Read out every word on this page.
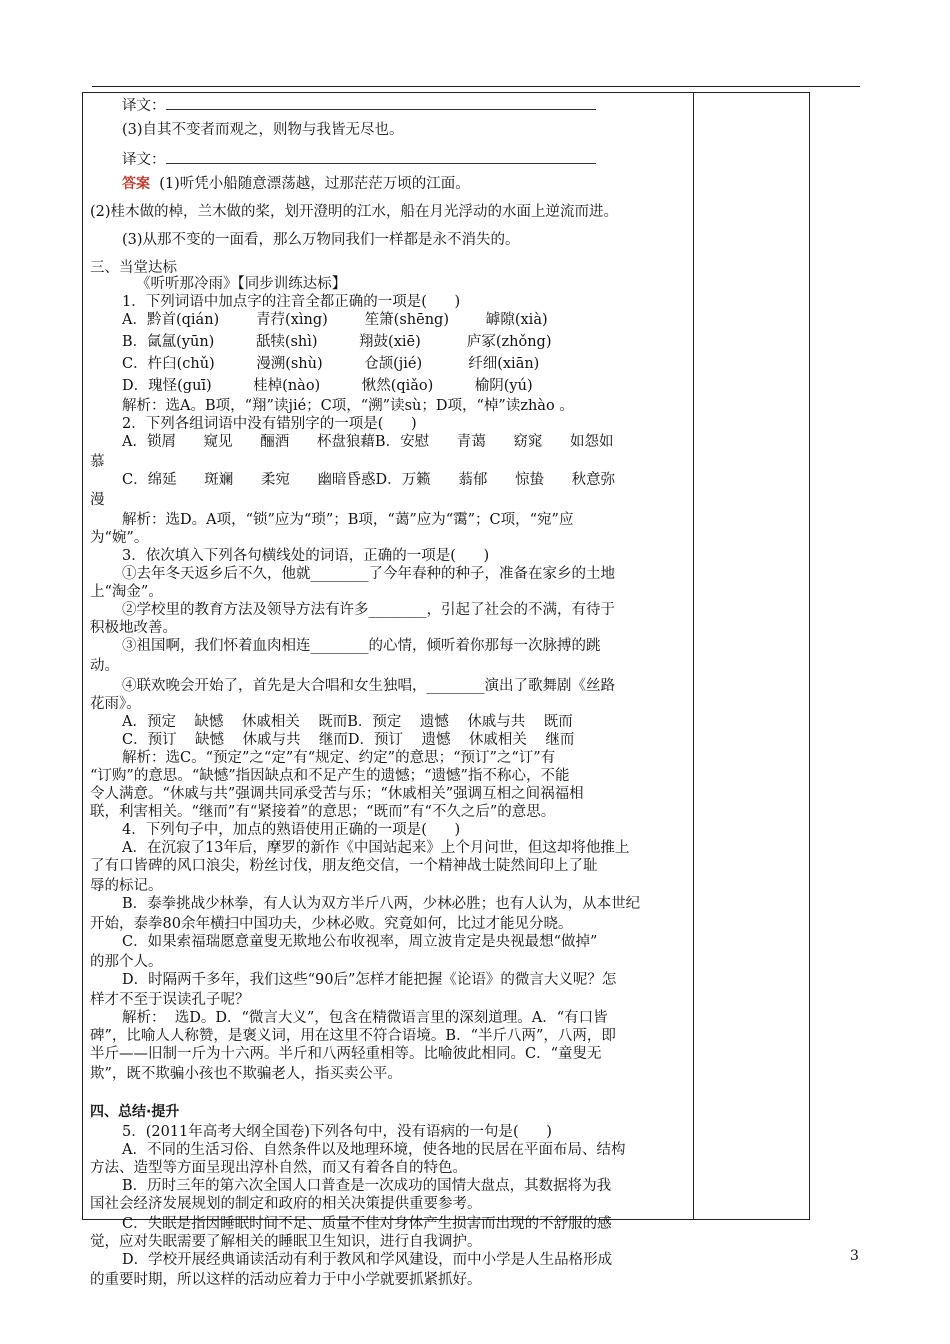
译文：
(3)自其不变者而观之，则物与我皆无尽也。
译文：
答案  (1)听凭小船随意漂荡越，过那茫茫万顷的江面。
(2)桂木做的棹，兰木做的桨，划开澄明的江水，船在月光浮动的水面上逆流而进。
(3)从那不变的一面看，那么万物同我们一样都是永不消失的。
三、当堂达标
《听听那冷雨》【同步训练达标】
1．下列词语中加点字的注音全都正确的一项是(      )
A．黔首(qián)        青荇(xìng)        笙箫(shēng)        罅隙(xià)
B．氤氲(yūn)         舐犊(shì)         翔鼓(xiē)          庐冢(zhǒng)
C．杵臼(chǔ)         漫溯(shù)         仓颉(jié)          纤细(xiān)
D．瑰怪(guī)         桂棹(nào)         愀然(qiǎo)         榆阴(yú)
解析：选A。B项，“翔”读jié；C项，“溯”读sù；D项，“棹”读zhào 。
2．下列各组词语中没有错别字的一项是(      )
A．锁屑      窥见      酾酒      杯盘狼藉B．安慰      青蔼      窈窕      如怨如
慕
C．绵延      斑斓      柔宛      幽暗昏惑D．万籁      蓊郁      惊蛰      秋意弥
漫
解析：选D。A项，“锁”应为“琐”；B项，“蔼”应为“霭”；C项，“宛”应
为“婉”。
3．依次填入下列各句横线处的词语，正确的一项是(      )
①去年冬天返乡后不久，他就________了今年春种的种子，准备在家乡的土地
上“淘金”。
②学校里的教育方法及领导方法有许多________，引起了社会的不满，有待于
积极地改善。
③祖国啊，我们怀着血肉相连________的心情，倾听着你那每一次脉搏的跳
动。
④联欢晚会开始了，首先是大合唱和女生独唱，________演出了歌舞剧《丝路
花雨》。
A．预定    缺憾    休戚相关    既而B．预定    遗憾    休戚与共    既而
C．预订    缺憾    休戚与共    继而D．预订    遗憾    休戚相关    继而
解析：选C。“预定”之“定”有“规定、约定”的意思；“预订”之“订”有
“订购”的意思。“缺憾”指因缺点和不足产生的遗憾；“遗憾”指不称心，不能
令人满意。“休戚与共”强调共同承受苦与乐；“休戚相关”强调互相之间祸福相
联，利害相关。“继而”有“紧接着”的意思；“既而”有“不久之后”的意思。
4．下列句子中，加点的熟语使用正确的一项是(      )
A．在沉寂了13年后，摩罗的新作《中国站起来》上个月问世，但这却将他推上
了有口皆碑的风口浪尖，粉丝讨伐，朋友绝交信，一个精神战士陡然间印上了耻
辱的标记。
B．泰拳挑战少林拳，有人认为双方半斤八两，少林必胜；也有人认为，从本世纪
开始，泰拳80余年横扫中国功夫，少林必败。究竟如何，比过才能见分晓。
C．如果索福瑞愿意童叟无欺地公布收视率，周立波肯定是央视最想“做掉”
的那个人。
D．时隔两千多年，我们这些“90后”怎样才能把握《论语》的微言大义呢？怎
样才不至于误读孔子呢？
解析：  选D。D．“微言大义”，包含在精微语言里的深刻道理。A．“有口皆
碑”，比喻人人称赞，是褒义词，用在这里不符合语境。B．“半斤八两”，八两，即
半斤——旧制一斤为十六两。半斤和八两轻重相等。比喻彼此相同。C．“童叟无
欺”，既不欺骗小孩也不欺骗老人，指买卖公平。
四、总结·提升
5．(2011年高考大纲全国卷)下列各句中，没有语病的一句是(      )
A．不同的生活习俗、自然条件以及地理环境，使各地的民居在平面布局、结构
方法、造型等方面呈现出淳朴自然，而又有着各自的特色。
B．历时三年的第六次全国人口普查是一次成功的国情大盘点，其数据将为我
国社会经济发展规划的制定和政府的相关决策提供重要参考。
C．失眠是指因睡眠时间不足、质量不佳对身体产生损害而出现的不舒服的感
觉，应对失眠需要了解相关的睡眠卫生知识，进行自我调护。
D．学校开展经典诵读活动有利于教风和学风建设，而中小学是人生品格形成
的重要时期，所以这样的活动应着力于中小学就要抓紧抓好。
3
